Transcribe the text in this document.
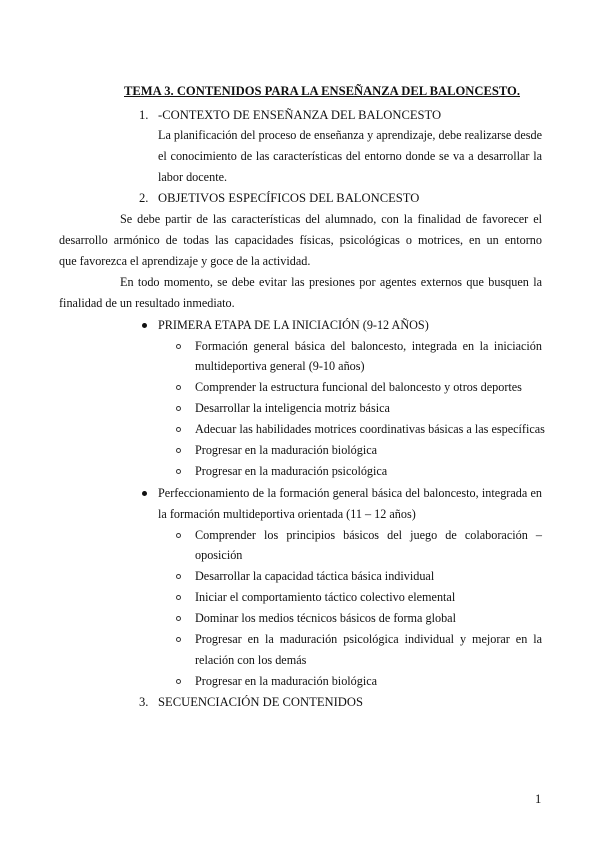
TEMA 3. CONTENIDOS PARA LA ENSEÑANZA DEL BALONCESTO.
1. -CONTEXTO DE ENSEÑANZA DEL BALONCESTO
La planificación del proceso de enseñanza y aprendizaje, debe realizarse desde
el conocimiento de las características del entorno donde se va a desarrollar la
labor docente.
2. OBJETIVOS ESPECÍFICOS DEL BALONCESTO
Se debe partir de las características del alumnado, con la finalidad de favorecer el
desarrollo armónico de todas las capacidades físicas, psicológicas o motrices, en un entorno
que favorezca el aprendizaje y goce de la actividad.
En todo momento, se debe evitar las presiones por agentes externos que busquen la
finalidad de un resultado inmediato.
PRIMERA ETAPA DE LA INICIACIÓN (9-12 AÑOS)
Formación general básica del baloncesto, integrada en la iniciación
multideportiva general (9-10 años)
Comprender la estructura funcional del baloncesto y otros deportes
Desarrollar la inteligencia motriz básica
Adecuar las habilidades motrices coordinativas básicas a las específicas
Progresar en la maduración biológica
Progresar en la maduración psicológica
Perfeccionamiento de la formación general básica del baloncesto, integrada en
la formación multideportiva orientada (11 – 12 años)
Comprender los principios básicos del juego de colaboración –
oposición
Desarrollar la capacidad táctica básica individual
Iniciar el comportamiento táctico colectivo elemental
Dominar los medios técnicos básicos de forma global
Progresar en la maduración psicológica individual y mejorar en la
relación con los demás
Progresar en la maduración biológica
3. SECUENCIACIÓN DE CONTENIDOS
1
